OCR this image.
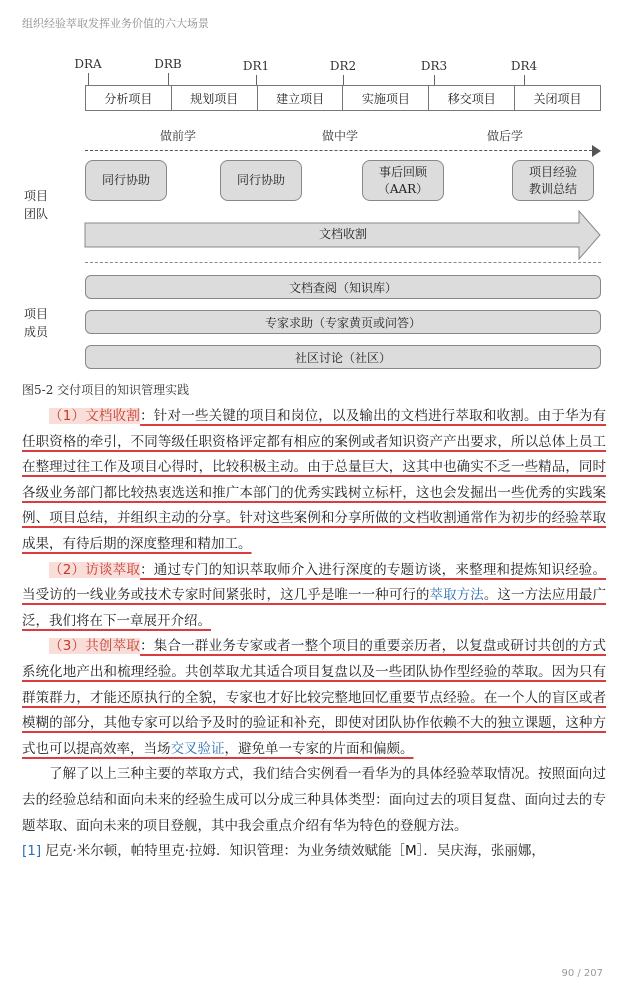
组织经验萃取发挥业务价值的六大场景
DRA	DRB	DR1	DR2	DR3	DR4
分析项目	规划项目	建立项目	实施项目	移交项目	关闭项目
做前学	做中学	做后学
项目
团队
同行协助	同行协助
事后回顾
（AAR）
项目经验
教训总结
文档收割
项目
成员
文档查阅（知识库）
专家求助（专家黄页或问答）
社区讨论（社区）
图5-2 交付项目的知识管理实践

（1）文档收割：针对一些关键的项目和岗位，以及输出的文档进行萃取和收割。由于华为有任职资格的牵引，不同等级任职资格评定都有相应的案例或者知识资产产出要求，所以总体上员工在整理过往工作及项目心得时，比较积极主动。由于总量巨大，这其中也确实不乏一些精品，同时各级业务部门都比较热衷选送和推广本部门的优秀实践树立标杆，这也会发掘出一些优秀的实践案例、项目总结，并组织主动的分享。针对这些案例和分享所做的文档收割通常作为初步的经验萃取成果，有待后期的深度整理和精加工。

（2）访谈萃取：通过专门的知识萃取师介入进行深度的专题访谈，来整理和提炼知识经验。当受访的一线业务或技术专家时间紧张时，这几乎是唯一一种可行的萃取方法。这一方法应用最广泛，我们将在下一章展开介绍。

（3）共创萃取：集合一群业务专家或者一整个项目的重要亲历者，以复盘或研讨共创的方式系统化地产出和梳理经验。共创萃取尤其适合项目复盘以及一些团队协作型经验的萃取。因为只有群策群力，才能还原执行的全貌，专家也才好比较完整地回忆重要节点经验。在一个人的盲区或者模糊的部分，其他专家可以给予及时的验证和补充，即使对团队协作依赖不大的独立课题，这种方式也可以提高效率，当场交叉验证，避免单一专家的片面和偏颇。

了解了以上三种主要的萃取方式，我们结合实例看一看华为的具体经验萃取情况。按照面向过去的经验总结和面向未来的经验生成可以分成三种具体类型：面向过去的项目复盘、面向过去的专题萃取、面向未来的项目登舰，其中我会重点介绍有华为特色的登舰方法。

[1] 尼克·米尔顿，帕特里克·拉姆．知识管理：为业务绩效赋能［M］．吴庆海，张丽娜，

90 / 207
